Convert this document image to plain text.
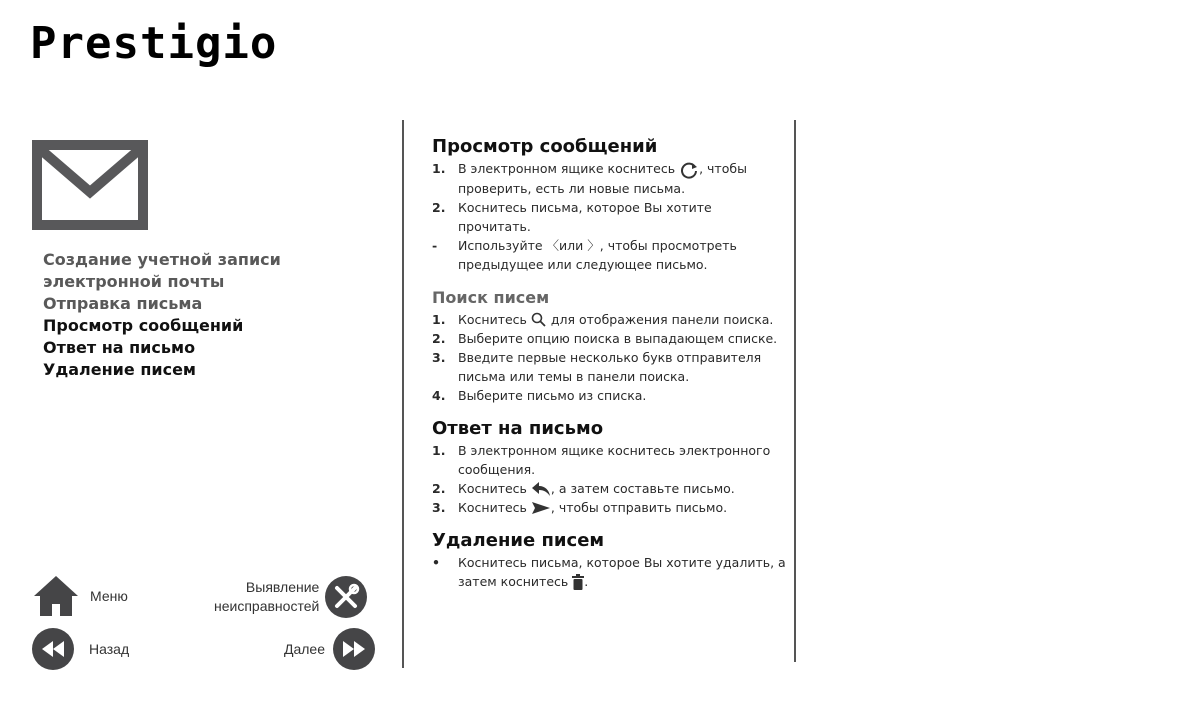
Prestigio
Создание учетной записи электронной почты
Отправка письма
Просмотр сообщений
Ответ на письмо
Удаление писем
Меню
Назад
Выявление
неисправностей
Далее
Просмотр сообщений
1. В электронном ящике коснитесь , чтобы проверить, есть ли новые письма.
2. Коснитесь письма, которое Вы хотите прочитать.
- Используйте 〈или 〉, чтобы просмотреть предыдущее или следующее письмо.
Поиск писем
1. Коснитесь для отображения панели поиска.
2. Выберите опцию поиска в выпадающем списке.
3. Введите первые несколько букв отправителя письма или темы в панели поиска.
4. Выберите письмо из списка.
Ответ на письмо
1. В электронном ящике коснитесь электронного сообщения.
2. Коснитесь , а затем составьте письмо.
3. Коснитесь , чтобы отправить письмо.
Удаление писем
• Коснитесь письма, которое Вы хотите удалить, а затем коснитесь .
